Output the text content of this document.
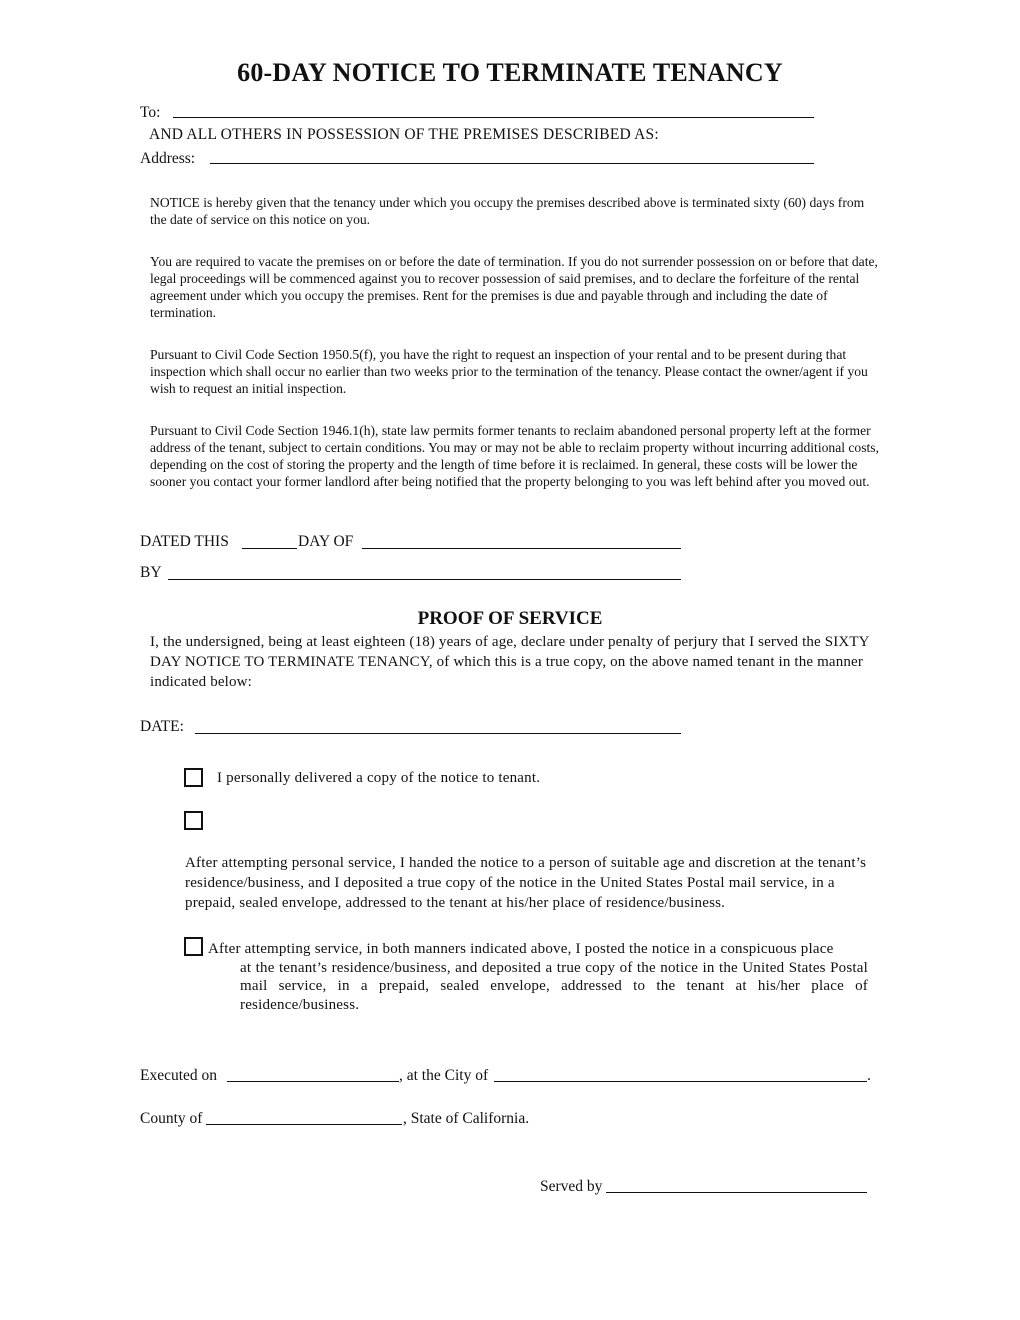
60-DAY NOTICE TO TERMINATE TENANCY
To:
AND ALL OTHERS IN POSSESSION OF THE PREMISES DESCRIBED AS:
Address:
NOTICE is hereby given that the tenancy under which you occupy the premises described above is terminated sixty (60) days from the date of service on this notice on you.
You are required to vacate the premises on or before the date of termination. If you do not surrender possession on or before that date, legal proceedings will be commenced against you to recover possession of said premises, and to declare the forfeiture of the rental agreement under which you occupy the premises. Rent for the premises is due and payable through and including the date of termination.
Pursuant to Civil Code Section 1950.5(f), you have the right to request an inspection of your rental and to be present during that inspection which shall occur no earlier than two weeks prior to the termination of the tenancy. Please contact the owner/agent if you wish to request an initial inspection.
Pursuant to Civil Code Section 1946.1(h), state law permits former tenants to reclaim abandoned personal property left at the former address of the tenant, subject to certain conditions. You may or may not be able to reclaim property without incurring additional costs, depending on the cost of storing the property and the length of time before it is reclaimed. In general, these costs will be lower the sooner you contact your former landlord after being notified that the property belonging to you was left behind after you moved out.
DATED THIS	DAY OF
BY
PROOF OF SERVICE
I, the undersigned, being at least eighteen (18) years of age, declare under penalty of perjury that I served the SIXTY DAY NOTICE TO TERMINATE TENANCY, of which this is a true copy, on the above named tenant in the manner indicated below:
DATE:
I personally delivered a copy of the notice to tenant.
After attempting personal service, I handed the notice to a person of suitable age and discretion at the tenant’s residence/business, and I deposited a true copy of the notice in the United States Postal mail service, in a prepaid, sealed envelope, addressed to the tenant at his/her place of residence/business.
After attempting service, in both manners indicated above, I posted the notice in a conspicuous place
at the tenant’s residence/business, and deposited a true copy of the notice in the United States Postal mail service, in a prepaid, sealed envelope, addressed to the tenant at his/her place of residence/business.
Executed on	, at the City of	.
County of	, State of California.
Served by
